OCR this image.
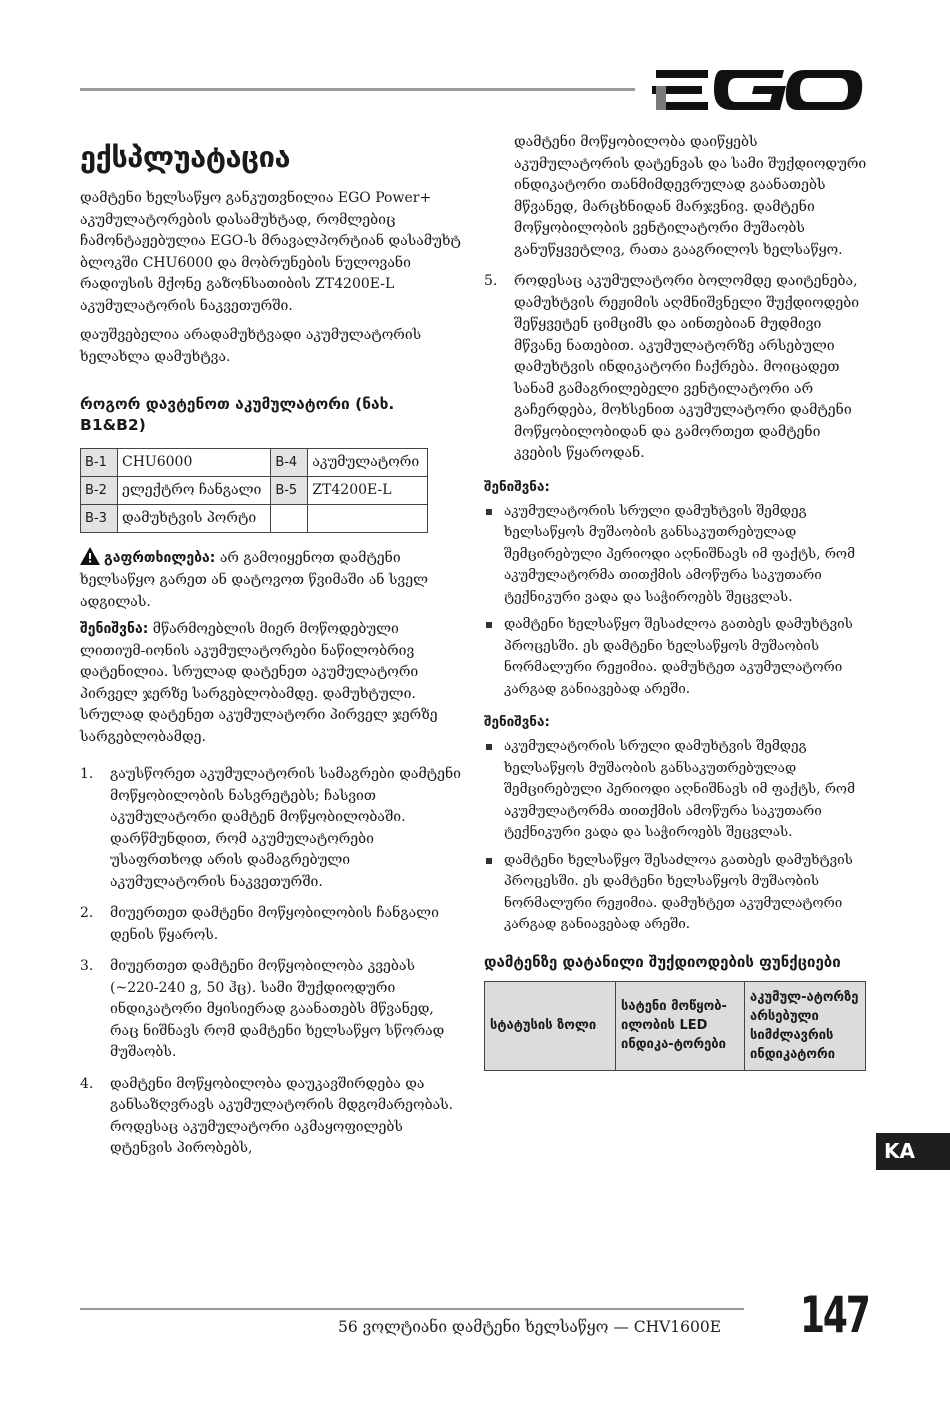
ექსპლუატაცია

დამტენი ხელსაწყო განკუთვნილია EGO Power+ აკუმულატორების დასამუხტად, რომლებიც ჩამონტაჟებულია EGO-ს მრავალპორტიან დასამუხტ ბლოკში CHU6000 და მობრუნების ნულოვანი რადიუსის მქონე გაზონსათიბის ZT4200E-L აკუმულატორის ნაკვეთურში.

დაუშვებელია არადამუხტვადი აკუმულატორის ხელახლა დამუხტვა.

როგორ დავტენოთ აკუმულატორი (ნახ. B1&B2)
B-1	CHU6000	B-4	აკუმულატორი
B-2	ელექტრო ჩანგალი	B-5	ZT4200E-L
B-3	დამუხტვის პორტი		
გაფრთხილება: არ გამოიყენოთ დამტენი ხელსაწყო გარეთ ან დატოვოთ წვიმაში ან სველ ადგილას.

შენიშვნა: მწარმოებლის მიერ მოწოდებული ლითიუმ-იონის აკუმულატორები ნაწილობრივ დატენილია. სრულად დატენეთ აკუმულატორი პირველ ჯერზე სარგებლობამდე. დამუხტული. სრულად დატენეთ აკუმულატორი პირველ ჯერზე სარგებლობამდე.

1. გაუსწორეთ აკუმულატორის სამაგრები დამტენი მოწყობილობის ნასვრეტებს; ჩასვით აკუმულატორი დამტენ მოწყობილობაში. დარწმუნდით, რომ აკუმულატორები უსაფრთხოდ არის დამაგრებული აკუმულატორის ნაკვეთურში.
2. მიუერთეთ დამტენი მოწყობილობის ჩანგალი დენის წყაროს.
3. მიუერთეთ დამტენი მოწყობილობა კვებას (~220-240 ვ, 50 ჰც). სამი შუქდიოდური ინდიკატორი მყისიერად გაანათებს მწვანედ, რაც ნიშნავს რომ დამტენი ხელსაწყო სწორად მუშაობს.
4. დამტენი მოწყობილობა დაუკავშირდება და განსაზღვრავს აკუმულატორის მდგომარეობას. როდესაც აკუმულატორი აკმაყოფილებს დტენვის პირობებს,
დამტენი მოწყობილობა დაიწყებს აკუმულატორის დატენვას და სამი შუქდიოდური ინდიკატორი თანმიმდევრულად გაანათებს მწვანედ, მარცხნიდან მარჯვნივ. დამტენი მოწყობილობის ვენტილატორი მუშაობს განუწყვეტლივ, რათა გააგრილოს ხელსაწყო.
5. როდესაც აკუმულატორი ბოლომდე დაიტენება, დამუხტვის რეჟიმის აღმნიშვნელი შუქდიოდები შეწყვეტენ ციმციმს და აინთებიან მუდმივი მწვანე ნათებით. აკუმულატორზე არსებული დამუხტვის ინდიკატორი ჩაქრება. მოიცადეთ სანამ გამაგრილებელი ვენტილატორი არ გაჩერდება, მოხსენით აკუმულატორი დამტენი მოწყობილობიდან და გამორთეთ დამტენი კვების წყაროდან.
შენიშვნა:
აკუმულატორის სრული დამუხტვის შემდეგ ხელსაწყოს მუშაობის განსაკუთრებულად შემცირებული პერიოდი აღნიშნავს იმ ფაქტს, რომ აკუმულატორმა თითქმის ამოწურა საკუთარი ტექნიკური ვადა და საჭიროებს შეცვლას.
დამტენი ხელსაწყო შესაძლოა გათბეს დამუხტვის პროცესში. ეს დამტენი ხელსაწყოს მუშაობის ნორმალური რეჟიმია. დამუხტეთ აკუმულატორი კარგად განიავებად არეში.
შენიშვნა:
აკუმულატორის სრული დამუხტვის შემდეგ ხელსაწყოს მუშაობის განსაკუთრებულად შემცირებული პერიოდი აღნიშნავს იმ ფაქტს, რომ აკუმულატორმა თითქმის ამოწურა საკუთარი ტექნიკური ვადა და საჭიროებს შეცვლას.
დამტენი ხელსაწყო შესაძლოა გათბეს დამუხტვის პროცესში. ეს დამტენი ხელსაწყოს მუშაობის ნორმალური რეჟიმია. დამუხტეთ აკუმულატორი კარგად განიავებად არეში.
დამტენზე დატანილი შუქდიოდების ფუნქციები
სტატუსის ზოლი	სატენი მოწყობ-ილობის LED ინდიკა-ტორები	აკუმულ-ატორზე არსებული სიმძლავრის ინდიკატორი
KA
56 ვოლტიანი დამტენი ხელსაწყო — CHV1600E 147
